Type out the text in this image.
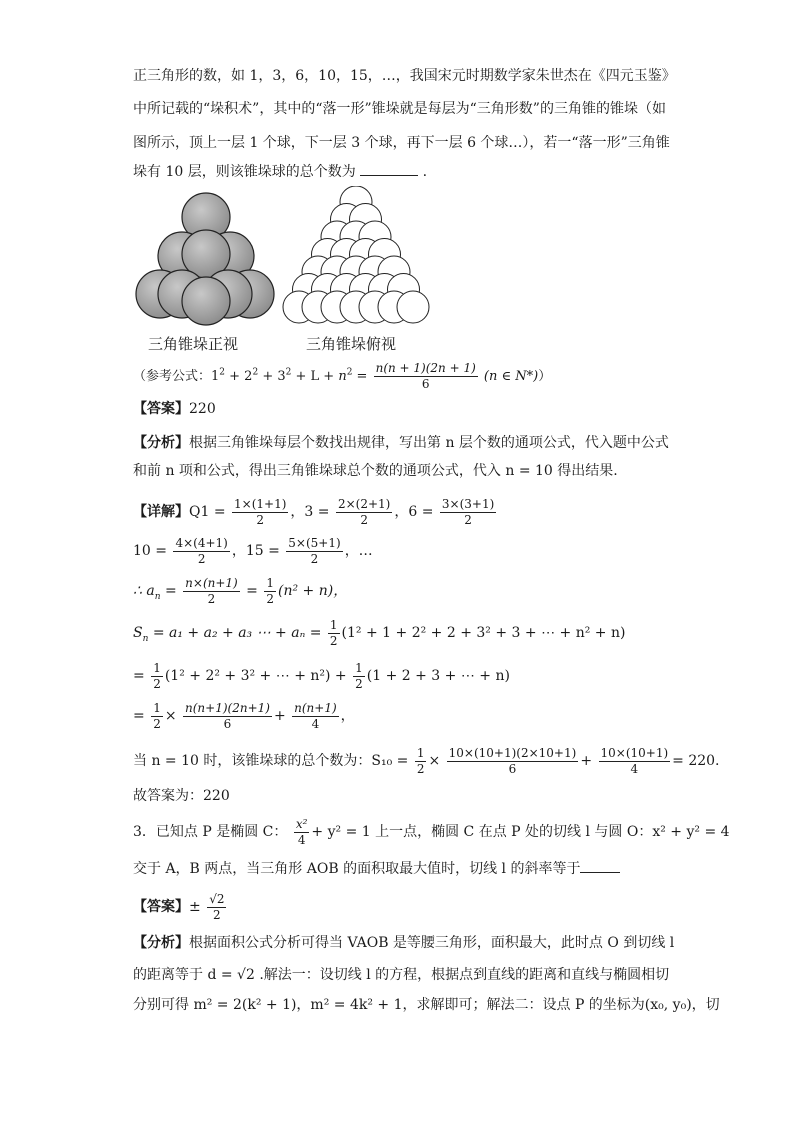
正三角形的数，如 1，3，6，10，15，…，我国宋元时期数学家朱世杰在《四元玉鉴》
中所记载的“垛积术”，其中的“落一形”锥垛就是每层为“三角形数”的三角锥的锥垛（如
图所示，顶上一层 1 个球，下一层 3 个球，再下一层 6 个球…），若一“落一形”三角锥
垛有 10 层，则该锥垛球的总个数为	.
三角锥垛正视	三角锥垛俯视
（参考公式：$1^2 + 2^2 + 3^2 + L + n^2 = \frac{n(n + 1)(2n + 1)}{6} (n$ ∈ N*)）
【答案】220
【分析】根据三角锥垛每层个数找出规律，写出第 n 层个数的通项公式，代入题中公式
和前 n 项和公式，得出三角锥垛球总个数的通项公式，代入 n = 10 得出结果.
【详解】$Q1 = \frac{1\times(1+1)}{2}$ ，$3 = \frac{2\times(2+1)}{2}$ ，$6 = \frac{3\times(3+1)}{2}$
$10 = \frac{4\times(4+1)}{2}$ ，$15 = \frac{5\times(5+1)}{2}$ ，…
∴ $a_n = \frac{n\times(n+1)}{2} = \frac{1}{2} (n^2 + n)$，
$S_n = a_1 + a_2 + a_3$ ⋯ + $a_n = \frac{1}{2} (1^2 + 1 + 2^2 + 2 + 3^2 + 3$ + ⋯ + n² + n)
= $\frac{1}{2} (1^2 + 2^2 + 3^2$ + ⋯ + $n^2) + \frac{1}{2} (1 + 2 + 3$ + ⋯ + n)
= $\frac{1}{2} \times \frac{n(n+1)(2n+1)}{6} + \frac{n(n+1)}{4}$ ，
当 n = 10 时，该锥垛球的总个数为：$S_{10} = \frac{1}{2} \times \frac{10\times(10+1)(2\times 10+1)}{6} + \frac{10\times(10+1)}{4} = 220$.
故答案为：220
3．已知点 P 是椭圆 C： $\frac{\text{x²}}{4} + y^2 = 1$ 上一点，椭圆 C 在点 P 处的切线 l 与圆 O：x² + y² = 4
交于 A，B 两点，当三角形 AOB 的面积取最大值时，切线 l 的斜率等于
【答案】± $\frac{√2}{2}$
【分析】根据面积公式分析可得当 VAOB 是等腰三角形，面积最大，此时点 O 到切线 l
的距离等于 d = √2 .解法一：设切线 l 的方程，根据点到直线的距离和直线与椭圆相切
分别可得 m² = 2(k² + 1)，m² = 4k² + 1，求解即可；解法二：设点 P 的坐标为(x₀, y₀)，切
